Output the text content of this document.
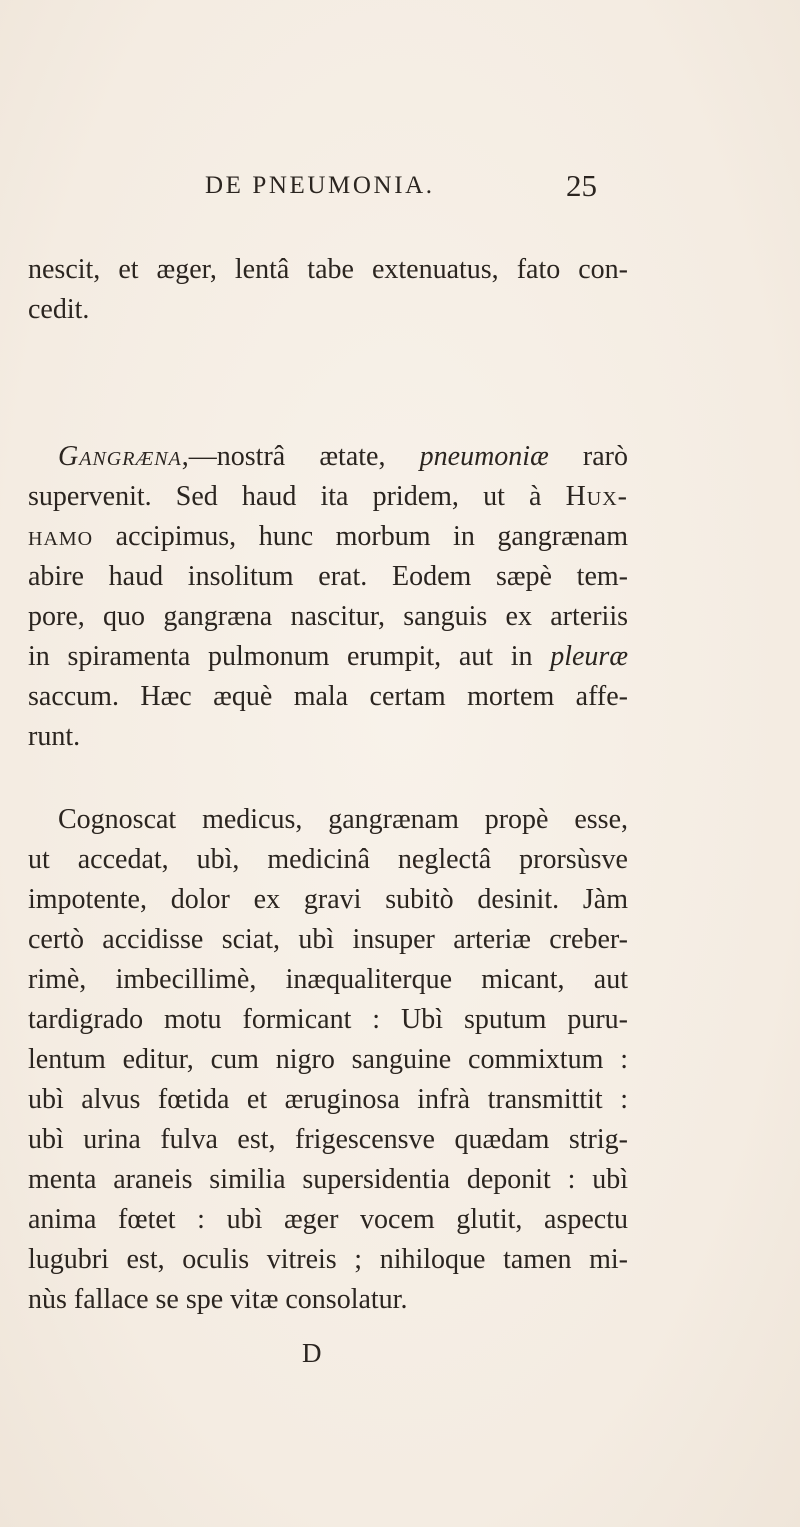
DE PNEUMONIA.	25
nescit, et æger, lentâ tabe extenuatus, fato con-
cedit.
Gangræna,—nostrâ ætate, pneumoniæ rarò
supervenit. Sed haud ita pridem, ut à Hux-
hamo accipimus, hunc morbum in gangrænam
abire haud insolitum erat. Eodem sæpè tem-
pore, quo gangræna nascitur, sanguis ex arteriis
in spiramenta pulmonum erumpit, aut in pleuræ
saccum. Hæc æquè mala certam mortem affe-
runt.
Cognoscat medicus, gangrænam propè esse,
ut accedat, ubì, medicinâ neglectâ prorsùsve
impotente, dolor ex gravi subitò desinit. Jàm
certò accidisse sciat, ubì insuper arteriæ creber-
rimè, imbecillimè, inæqualiterque micant, aut
tardigrado motu formicant : Ubì sputum puru-
lentum editur, cum nigro sanguine commixtum :
ubì alvus fœtida et æruginosa infrà transmittit :
ubì urina fulva est, frigescensve quædam strig-
menta araneis similia supersidentia deponit : ubì
anima fœtet : ubì æger vocem glutit, aspectu
lugubri est, oculis vitreis ; nihiloque tamen mi-
nùs fallace se spe vitæ consolatur.
D
